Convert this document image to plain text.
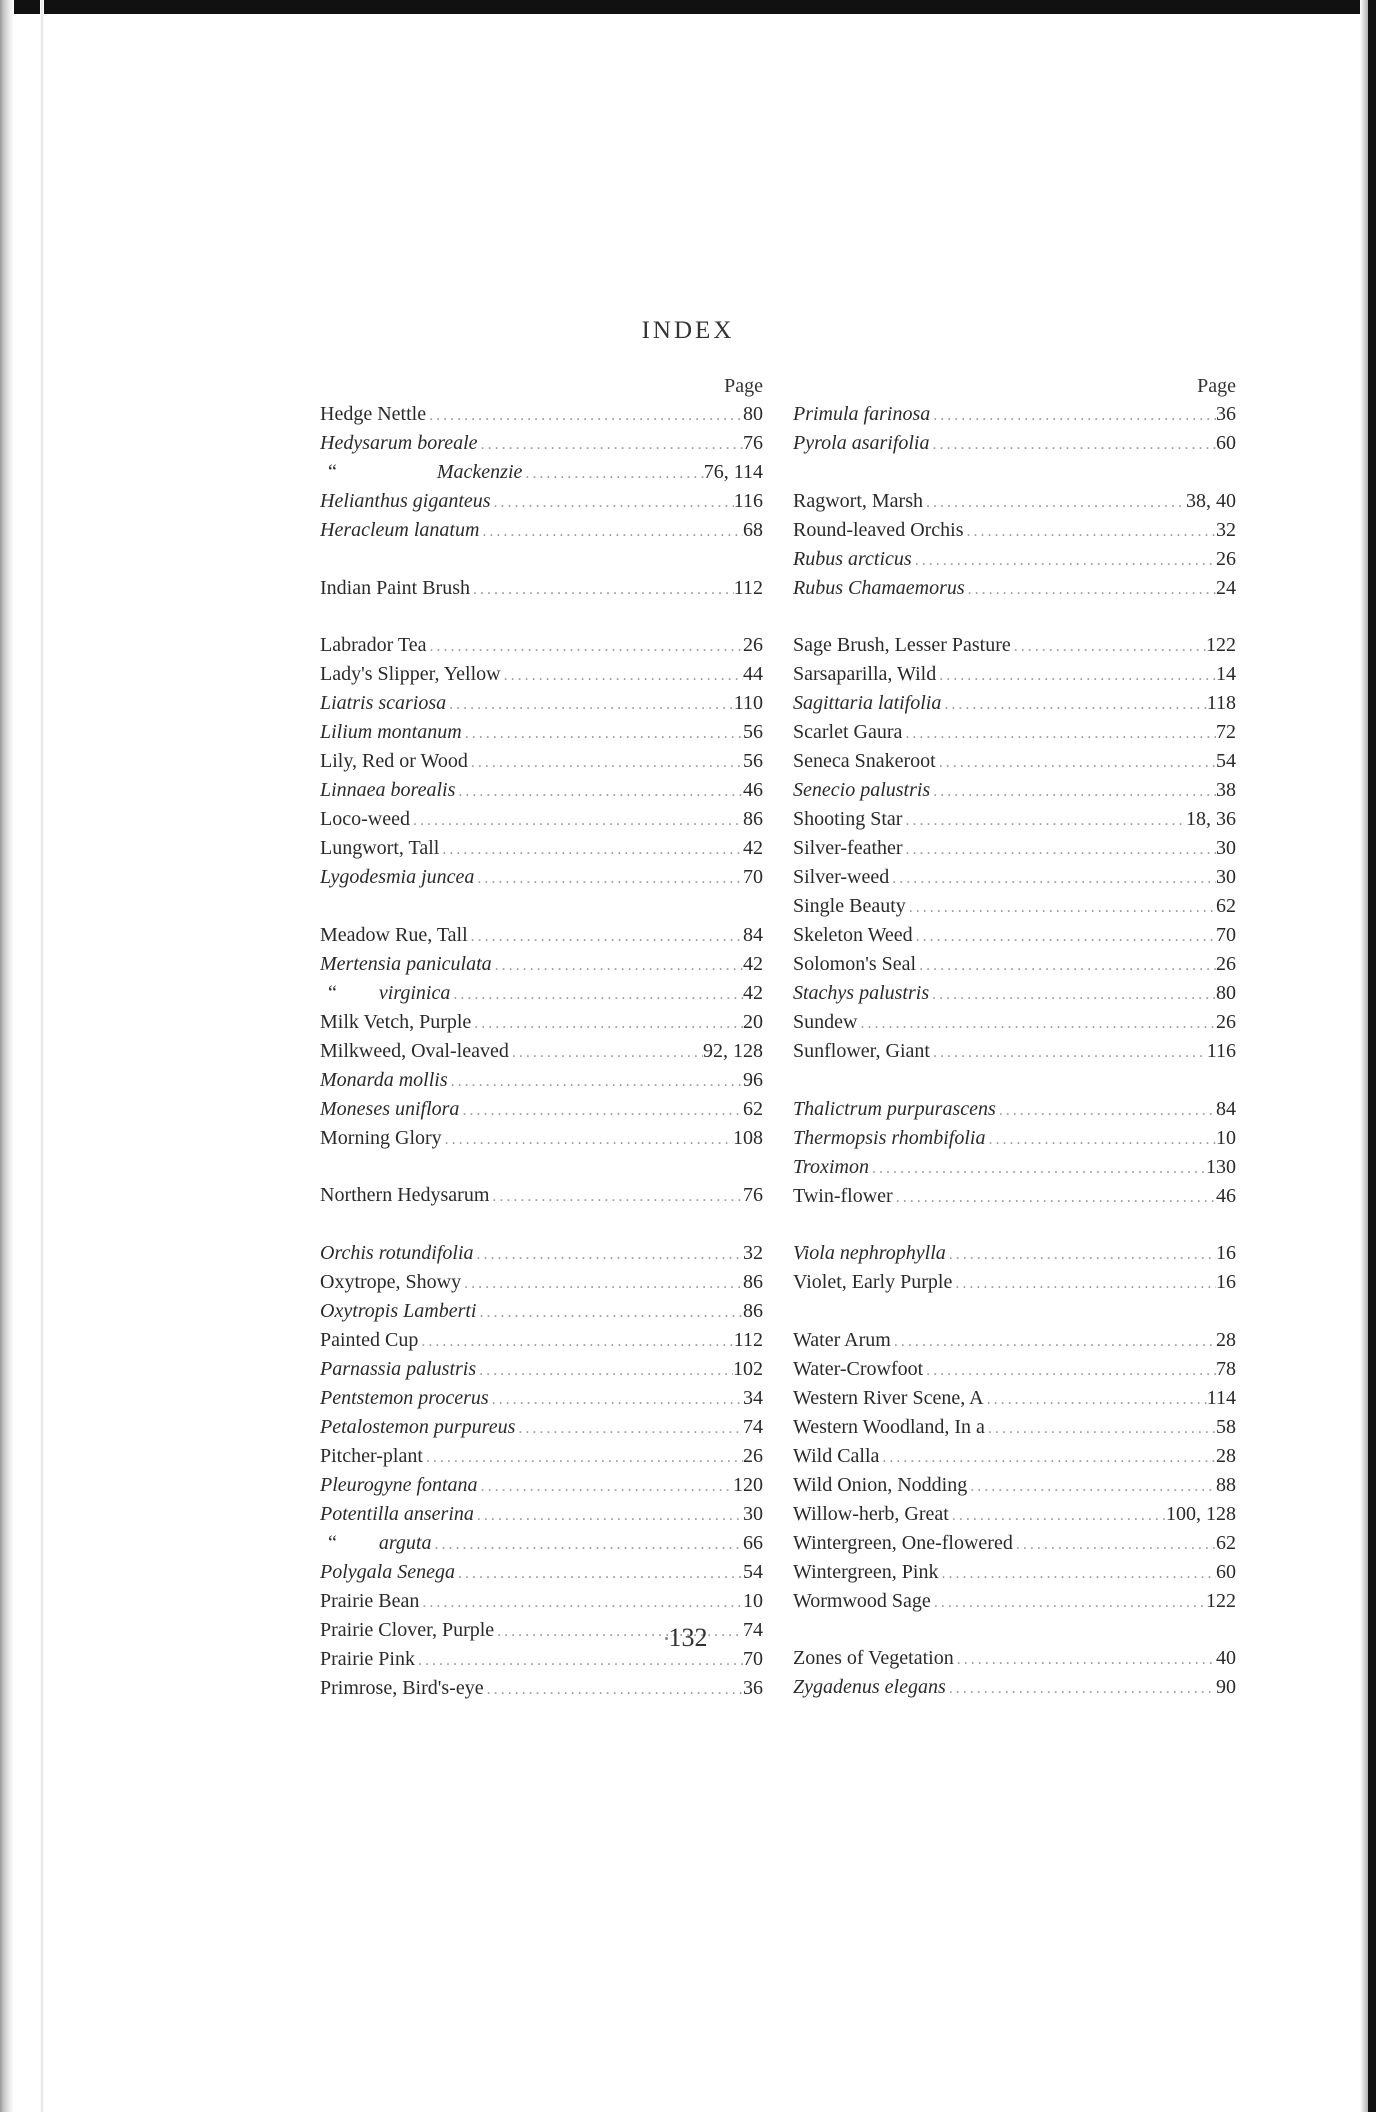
INDEX
Page
Hedge Nettle .....	80
Hedysarum boreale .....	76
“	Mackenzie .....	76, 114
Helianthus giganteus .....	116
Heracleum lanatum .....	68
Indian Paint Brush .....	112
Labrador Tea .....	26
Lady's Slipper, Yellow .....	44
Liatris scariosa .....	110
Lilium montanum .....	56
Lily, Red or Wood .....	56
Linnaea borealis .....	46
Loco-weed .....	86
Lungwort, Tall .....	42
Lygodesmia juncea .....	70
Meadow Rue, Tall .....	84
Mertensia paniculata .....	42
“ virginica .....	42
Milk Vetch, Purple .....	20
Milkweed, Oval-leaved .....	92, 128
Monarda mollis .....	96
Moneses uniflora .....	62
Morning Glory .....	108
Northern Hedysarum .....	76
Orchis rotundifolia .....	32
Oxytrope, Showy .....	86
Oxytropis Lamberti .....	86
Painted Cup .....	112
Parnassia palustris .....	102
Pentstemon procerus .....	34
Petalostemon purpureus .....	74
Pitcher-plant .....	26
Pleurogyne fontana .....	120
Potentilla anserina .....	30
“ arguta .....	66
Polygala Senega .....	54
Prairie Bean .....	10
Prairie Clover, Purple .....	74
Prairie Pink .....	70
Primrose, Bird's-eye .....	36
Page
Primula farinosa .....	36
Pyrola asarifolia .....	60
Ragwort, Marsh .....	38, 40
Round-leaved Orchis .....	32
Rubus arcticus .....	26
Rubus Chamaemorus .....	24
Sage Brush, Lesser Pasture .....	122
Sarsaparilla, Wild .....	14
Sagittaria latifolia .....	118
Scarlet Gaura .....	72
Seneca Snakeroot .....	54
Senecio palustris .....	38
Shooting Star .....	18, 36
Silver-feather .....	30
Silver-weed .....	30
Single Beauty .....	62
Skeleton Weed .....	70
Solomon's Seal .....	26
Stachys palustris .....	80
Sundew .....	26
Sunflower, Giant .....	116
Thalictrum purpurascens .....	84
Thermopsis rhombifolia .....	10
Troximon .....	130
Twin-flower .....	46
Viola nephrophylla .....	16
Violet, Early Purple .....	16
Water Arum .....	28
Water-Crowfoot .....	78
Western River Scene, A .....	114
Western Woodland, In a .....	58
Wild Calla .....	28
Wild Onion, Nodding .....	88
Willow-herb, Great .....	100, 128
Wintergreen, One-flowered .....	62
Wintergreen, Pink .....	60
Wormwood Sage .....	122
Zones of Vegetation .....	40
Zygadenus elegans .....	90
132
